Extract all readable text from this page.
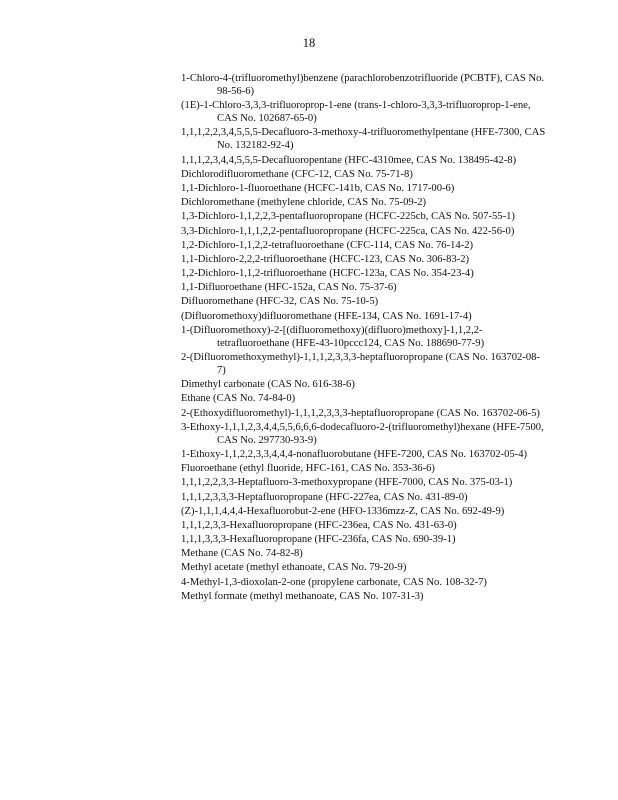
18
1-Chloro-4-(trifluoromethyl)benzene (parachlorobenzotrifluoride (PCBTF), CAS No. 98-56-6)
(1E)-1-Chloro-3,3,3-trifluoroprop-1-ene (trans-1-chloro-3,3,3-trifluoroprop-1-ene, CAS No. 102687-65-0)
1,1,1,2,2,3,4,5,5,5-Decafluoro-3-methoxy-4-trifluoromethylpentane (HFE-7300, CAS No. 132182-92-4)
1,1,1,2,3,4,4,5,5,5-Decafluoropentane (HFC-4310mee, CAS No. 138495-42-8)
Dichlorodifluoromethane (CFC-12, CAS No. 75-71-8)
1,1-Dichloro-1-fluoroethane (HCFC-141b, CAS No. 1717-00-6)
Dichloromethane (methylene chloride, CAS No. 75-09-2)
1,3-Dichloro-1,1,2,2,3-pentafluoropropane (HCFC-225cb, CAS No. 507-55-1)
3,3-Dichloro-1,1,1,2,2-pentafluoropropane (HCFC-225ca, CAS No. 422-56-0)
1,2-Dichloro-1,1,2,2-tetrafluoroethane (CFC-114, CAS No. 76-14-2)
1,1-Dichloro-2,2,2-trifluoroethane (HCFC-123, CAS No. 306-83-2)
1,2-Dichloro-1,1,2-trifluoroethane (HCFC-123a, CAS No. 354-23-4)
1,1-Difluoroethane (HFC-152a, CAS No. 75-37-6)
Difluoromethane (HFC-32, CAS No. 75-10-5)
(Difluoromethoxy)difluoromethane (HFE-134, CAS No. 1691-17-4)
1-(Difluoromethoxy)-2-[(difluoromethoxy)(difluoro)methoxy]-1,1,2,2-tetrafluoroethane (HFE-43-10pccc124, CAS No. 188690-77-9)
2-(Difluoromethoxymethyl)-1,1,1,2,3,3,3-heptafluoropropane (CAS No. 163702-08-7)
Dimethyl carbonate (CAS No. 616-38-6)
Ethane (CAS No. 74-84-0)
2-(Ethoxydifluoromethyl)-1,1,1,2,3,3,3-heptafluoropropane (CAS No. 163702-06-5)
3-Ethoxy-1,1,1,2,3,4,4,5,5,6,6,6-dodecafluoro-2-(trifluoromethyl)hexane (HFE-7500, CAS No. 297730-93-9)
1-Ethoxy-1,1,2,2,3,3,4,4,4-nonafluorobutane (HFE-7200, CAS No. 163702-05-4)
Fluoroethane (ethyl fluoride, HFC-161, CAS No. 353-36-6)
1,1,1,2,2,3,3-Heptafluoro-3-methoxypropane (HFE-7000, CAS No. 375-03-1)
1,1,1,2,3,3,3-Heptafluoropropane (HFC-227ea, CAS No. 431-89-0)
(Z)-1,1,1,4,4,4-Hexafluorobut-2-ene (HFO-1336mzz-Z, CAS No. 692-49-9)
1,1,1,2,3,3-Hexafluoropropane (HFC-236ea, CAS No. 431-63-0)
1,1,1,3,3,3-Hexafluoropropane (HFC-236fa, CAS No. 690-39-1)
Methane (CAS No. 74-82-8)
Methyl acetate (methyl ethanoate, CAS No. 79-20-9)
4-Methyl-1,3-dioxolan-2-one (propylene carbonate, CAS No. 108-32-7)
Methyl formate (methyl methanoate, CAS No. 107-31-3)
